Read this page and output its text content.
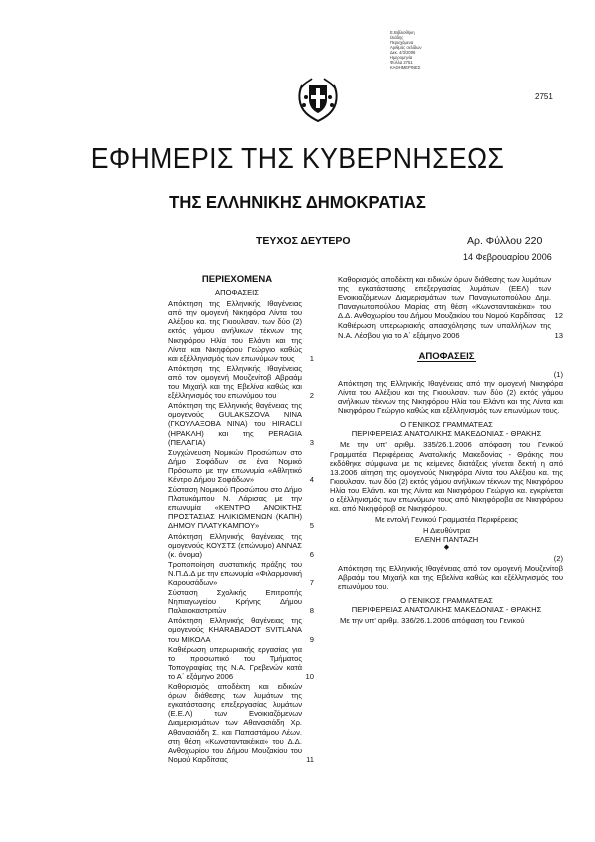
Ε.Βιβλιοθήκη
Ιλιάδης
Περιεχόμενα
Αριθμός σελίδων
Δεκ. 4/3/2006
Ημερομηνία
Φύλλα 2751
ΚΑΘΗΜΕΡΙΝΕΣ
2751
ΕΦΗΜΕΡΙΣ ΤΗΣ ΚΥΒΕΡΝΗΣΕΩΣ
ΤΗΣ ΕΛΛΗΝΙΚΗΣ ΔΗΜΟΚΡΑΤΙΑΣ
ΤΕΥΧΟΣ ΔΕΥΤΕΡΟ	Αρ. Φύλλου 220
14 Φεβρουαρίου 2006
ΠΕΡΙΕΧΟΜΕΝΑ
ΑΠΟΦΑΣΕΙΣ
Απόκτηση της Ελληνικής Ιθαγένειας από την ομογενή Νικηφόρα Λίντα του Αλέξιου κα. της Γκιουλσαν. των δύο (2) εκτός γάμου ανήλικων τέκνων της Νικηφόρου Ηλία του Ελάντι και της Λίντα και Νικηφόρου Γεώργιο καθώς και εξέλληνισμός των επωνύμων τους 1
Απόκτηση της Ελληνικής Ιθαγένειας από τον ομογενή Μουζενίτοβ Αβραάμ του Μιχαήλ και της Εβελίνα καθώς και εξέλληνισμός του επωνύμου του	2
Απόκτηση της Ελληνικής θαγένειας της ομογενούς GULAKSZOVA NINA (ΓΚΟΥΛΑΞΟΒΑ ΝΙΝΑ) του HIRACLI (ΗΡΑΚΛΗ) και της PERAGIA (ΠΕΛΑΓΙΑ)	3
Συγχώνευση Νομικών Προσώπων στο Δήμο Σοφάδων σε ένα Νομικό Πρόσωπο με την επωνυμία «Αθλητικό Κέντρο Δήμου Σοφάδων»	4
Σύσταση Νομικού Προσώπου στο Δήμο Πλατυκάμπου Ν. Λάρισας με την επωνυμία «ΚΕΝΤΡΟ ΑΝΟΙΚΤΗΣ ΠΡΟΣΤΑΣΙΑΣ ΗΛΙΚΙΩΜΕΝΩΝ (ΚΑΠΗ) ΔΗΜΟΥ ΠΛΑΤΥΚΑΜΠΟΥ»	5
Απόκτηση Ελληνικής θαγένειας της ομογενούς ΚΟΥΣΤΣ (επώνυμο) ΑΝΝΑΣ (κ. όνομα)	6
Τροποποίηση συστατικής πράξης του Ν.Π.Δ.Δ με την επωνυμία «Φιλαρμονική Καρουσάδων»	7
Σύσταση Σχολικής Επιτροπής Νηπιαγωγείου Κρήνης Δήμου Παλαιοκαστριτών	8
Απόκτηση Ελληνικής θαγένειας της ομογενούς KHARABADOT SVITLANA του ΜΙΚΟΛΑ	9
Καθιέρωση υπερωριακής εργασίας για το προσωπικό του Τμήματος Τοπογραφίας της Ν.Α. Γρεβενών κατά το Α΄ εξάμηνο 2006	10
Καθορισμός αποδέκτη και ειδικών όρων διάθεσης των λυμάτων της εγκατάστασης επεξεργασίας λυμάτων (Ε.Ε.Λ) των Ενοικιαζόμενων Διαμερισμάτων των Αθανασιάδη Χρ. Αθανασιάδη Σ. και Παπαστάμου Λέων. στη θέση «Κωνσταντακέικα» του Δ.Δ. Ανθοχωρίου του Δήμου Μουζακίου του Νομού Καρδίτσας	11
Καθορισμός αποδέκτη και ειδικών όρων διάθεσης των λυμάτων της εγκατάστασης επεξεργασίας λυμάτων (ΕΕΛ) των Ενοικιαζόμενων Διαμερισμάτων των Παναγιωτοπούλου Δημ. Παναγιωτοπούλου Μαρίας στη θέση «Κωνσταντακέικα» του Δ.Δ. Ανθοχωρίου του Δήμου Μουζακίου του Νομού Καρδίτσας 12
Καθιέρωση υπερωριακής απασχόλησης των υπαλλήλων της Ν.Α. Λέσβου για το Α΄ εξάμηνο 2006	13
ΑΠΟΦΑΣΕΙΣ
(1)
Απόκτηση της Ελληνικής Ιθαγένειας από την ομογενή Νικηφόρα Λίντα του Αλέξιου και της Γκιουλσαν. των δύο (2) εκτός γάμου ανήλικων τέκνων της Νικηφόρου Ηλία του Ελάντι και της Λίντα και Νικηφόρου Γεώργιο καθώς και εξέλληνισμός των επωνύμων τους.
Ο ΓΕΝΙΚΟΣ ΓΡΑΜΜΑΤΕΑΣ
ΠΕΡΙΦΕΡΕΙΑΣ ΑΝΑΤΟΛΙΚΗΣ ΜΑΚΕΔΟΝΙΑΣ - ΘΡΑΚΗΣ
Με την υπ' αριθμ. 335/26.1.2006 απόφαση του Γενικού Γραμματέα Περιφέρειας Ανατολικής Μακεδονίας - Θράκης που εκδόθηκε σύμφωνα με τις κείμενες διατάξεις γίνεται δεκτή η από 13.2006 αίτηση της ομογενούς Νικηφόρα Λίντα του Αλέξιου κα. της Γκιουλσαν. των δύο (2) εκτός γάμου ανήλικων τέκνων της Νικηφόρου Ηλία του Ελάντι. και της Λίντα και Νικηφόρου Γεώργιο κα. εγκρίνεται ο εξέλληνισμός των επωνύμων τους από Νικηφόροβα σε Νικηφόρου κα. από Νικηφόροβ σε Νικηφόρου.
Με εντολή Γενικού Γραμματέα Περιφέρειας
Η Διευθύντρια
ΕΛΕΝΗ ΠΑΝΤΑΖΗ
◆
(2)
Απόκτηση της Ελληνικής Ιθαγένειας από τον ομογενή Μουζενίτοβ Αβραάμ του Μιχαήλ και της Εβελίνα καθώς και εξέλληνισμός του επωνύμου του.
Ο ΓΕΝΙΚΟΣ ΓΡΑΜΜΑΤΕΑΣ
ΠΕΡΙΦΕΡΕΙΑΣ ΑΝΑΤΟΛΙΚΗΣ ΜΑΚΕΔΟΝΙΑΣ - ΘΡΑΚΗΣ
Με την υπ' αριθμ. 336/26.1.2006 απόφαση του Γενικού
